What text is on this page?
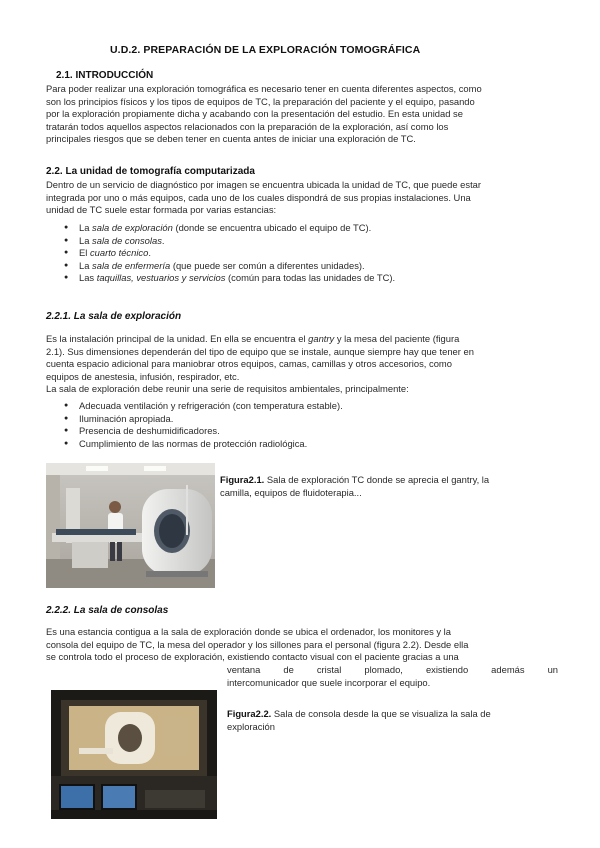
U.D.2. PREPARACIÓN DE LA EXPLORACIÓN TOMOGRÁFICA
2.1. INTRODUCCIÓN
Para poder realizar una exploración tomográfica es necesario tener en cuenta diferentes aspectos, como
son los principios físicos y los tipos de equipos de TC, la preparación del paciente y el equipo, pasando
por la exploración propiamente dicha y acabando con la presentación del estudio. En esta unidad se
tratarán todos aquellos aspectos relacionados con la preparación de la exploración, así como los
principales riesgos que se deben tener en cuenta antes de iniciar una exploración de TC.
2.2. La unidad de tomografía computarizada
Dentro de un servicio de diagnóstico por imagen se encuentra ubicada la unidad de TC, que puede estar
integrada por uno o más equipos, cada uno de los cuales dispondrá de sus propias instalaciones. Una
unidad de TC suele estar formada por varias estancias:
● La sala de exploración (donde se encuentra ubicado el equipo de TC).
● La sala de consolas.
● El cuarto técnico.
● La sala de enfermería (que puede ser común a diferentes unidades).
● Las taquillas, vestuarios y servicios (común para todas las unidades de TC).
2.2.1. La sala de exploración
Es la instalación principal de la unidad. En ella se encuentra el gantry y la mesa del paciente (figura
2.1). Sus dimensiones dependerán del tipo de equipo que se instale, aunque siempre hay que tener en
cuenta espacio adicional para maniobrar otros equipos, camas, camillas y otros accesorios, como
equipos de anestesia, infusión, respirador, etc.
La sala de exploración debe reunir una serie de requisitos ambientales, principalmente:
● Adecuada ventilación y refrigeración (con temperatura estable).
● Iluminación apropiada.
● Presencia de deshumidificadores.
● Cumplimiento de las normas de protección radiológica.
Figura2.1. Sala de exploración TC donde se aprecia el gantry, la
camilla, equipos de fluidoterapia...
2.2.2. La sala de consolas
Es una estancia contigua a la sala de exploración donde se ubica el ordenador, los monitores y la
consola del equipo de TC, la mesa del operador y los sillones para el personal (figura 2.2). Desde ella
se controla todo el proceso de exploración, existiendo contacto visual con el paciente gracias a una
ventana de cristal plomado, existiendo además un
intercomunicador que suele incorporar el equipo.
Figura2.2. Sala de consola desde la que se visualiza la sala de
exploración
